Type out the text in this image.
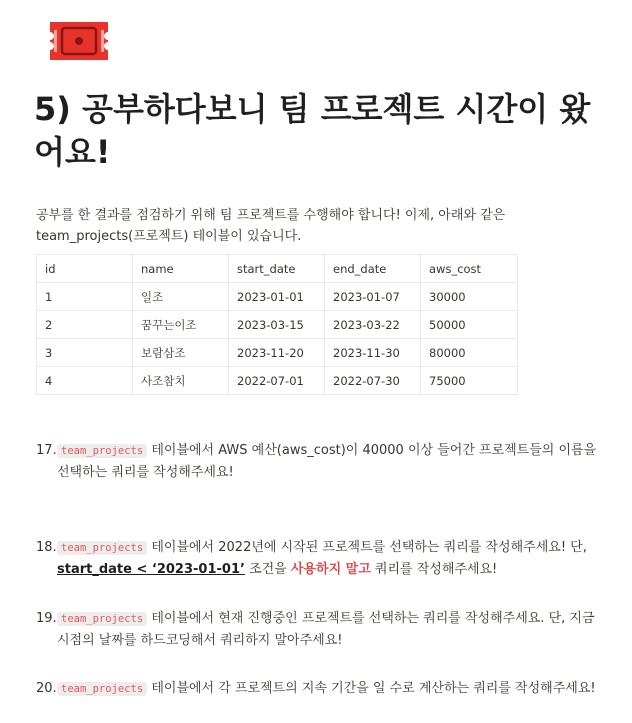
5) 공부하다보니 팀 프로젝트 시간이 왔어요!

공부를 한 결과를 점검하기 위해 팀 프로젝트를 수행해야 합니다! 이제, 아래와 같은 team_projects(프로젝트) 테이블이 있습니다.

id	name	start_date	end_date	aws_cost
1	일조	2023-01-01	2023-01-07	30000
2	꿈꾸는이조	2023-03-15	2023-03-22	50000
3	보람삼조	2023-11-20	2023-11-30	80000
4	사조참치	2022-07-01	2022-07-30	75000
17. team_projects 테이블에서 AWS 예산(aws_cost)이 40000 이상 들어간 프로젝트들의 이름을 선택하는 쿼리를 작성해주세요!
18. team_projects 테이블에서 2022년에 시작된 프로젝트를 선택하는 쿼리를 작성해주세요! 단, start_date < ‘2023-01-01’ 조건을 사용하지 말고 쿼리를 작성해주세요!
19. team_projects 테이블에서 현재 진행중인 프로젝트를 선택하는 쿼리를 작성해주세요. 단, 지금 시점의 날짜를 하드코딩해서 쿼리하지 말아주세요!
20. team_projects 테이블에서 각 프로젝트의 지속 기간을 일 수로 계산하는 쿼리를 작성해주세요!
